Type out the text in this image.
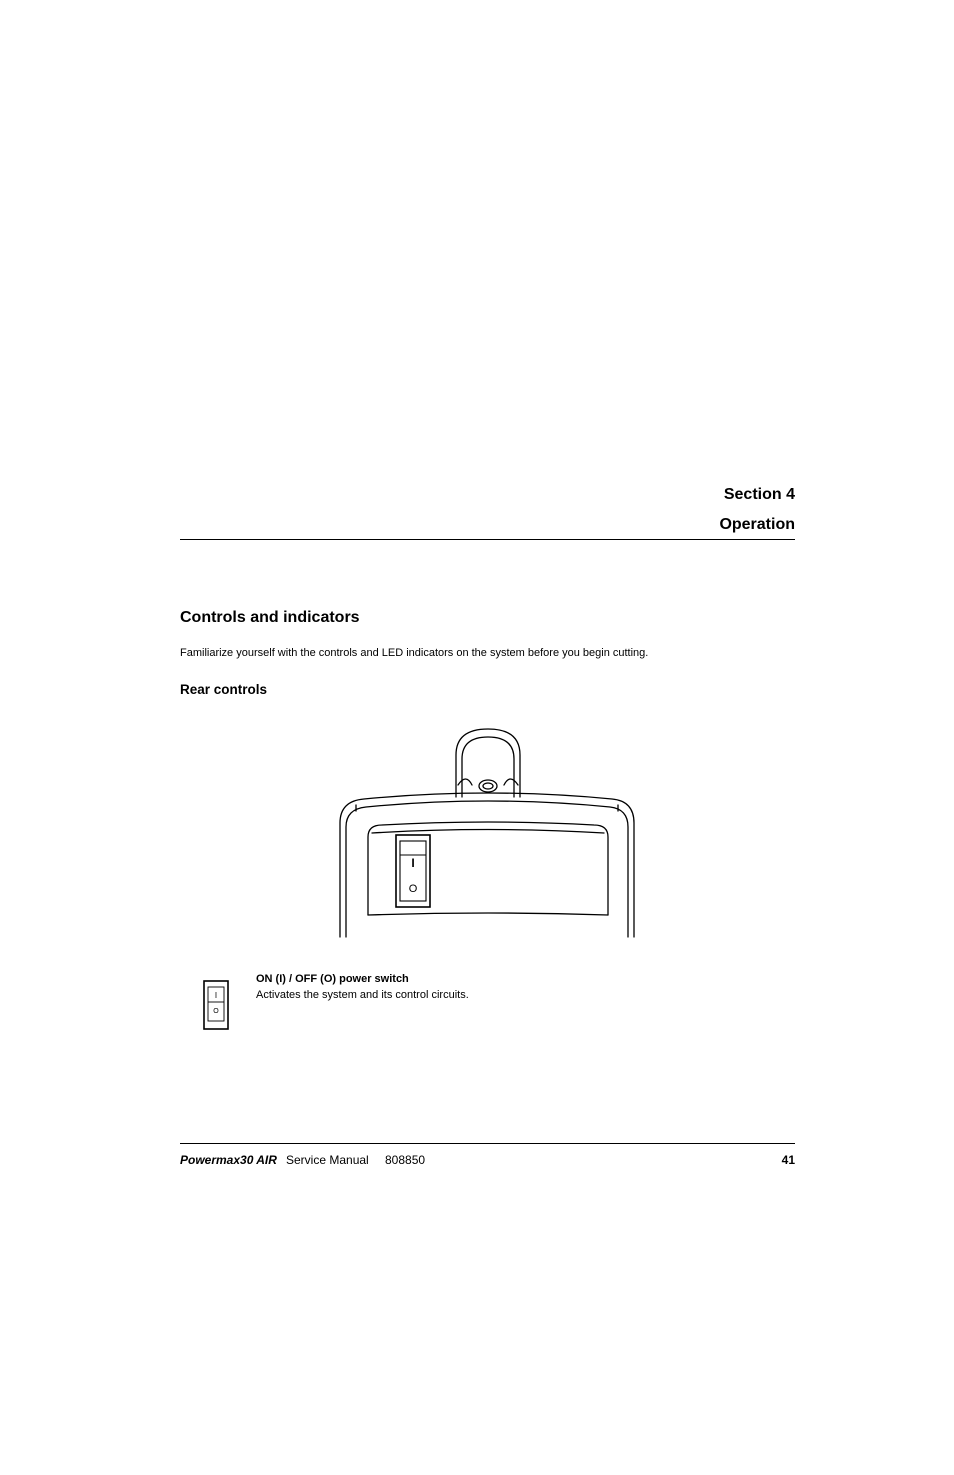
Section 4
Operation
Controls and indicators
Familiarize yourself with the controls and LED indicators on the system before you begin cutting.
Rear controls
I
O
I
O
ON (I) / OFF (O) power switch
Activates the system and its control circuits.
Powermax30 AIR Service Manual 808850	41
